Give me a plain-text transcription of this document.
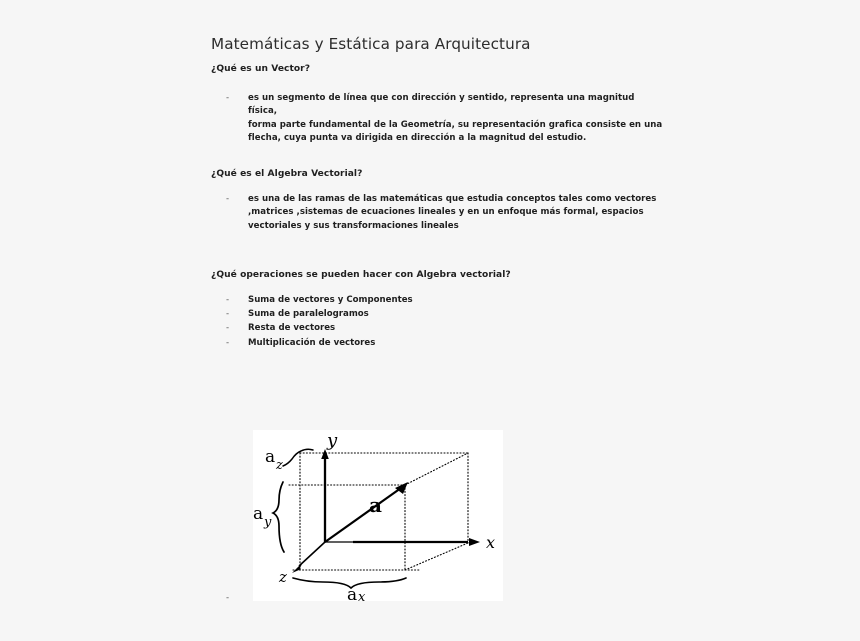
Matemáticas y Estática para Arquitectura
¿Qué es un Vector?
-	es un segmento de línea que con dirección y sentido, representa una magnitud física,
forma parte fundamental de la Geometría, su representación grafica consiste en una
flecha, cuya punta va dirigida en dirección a la magnitud del estudio.
¿Qué es el Algebra Vectorial?
-	es una de las ramas de las matemáticas que estudia conceptos tales como vectores
,matrices ,sistemas de ecuaciones lineales y en un enfoque más formal, espacios
vectoriales y sus transformaciones lineales
¿Qué operaciones se pueden hacer con Algebra vectorial?
-	Suma de vectores y Componentes
-	Suma de paralelogramos
-	Resta de vectores
-	Multiplicación de vectores
-
y
x
z
a
a z
a y
a x
